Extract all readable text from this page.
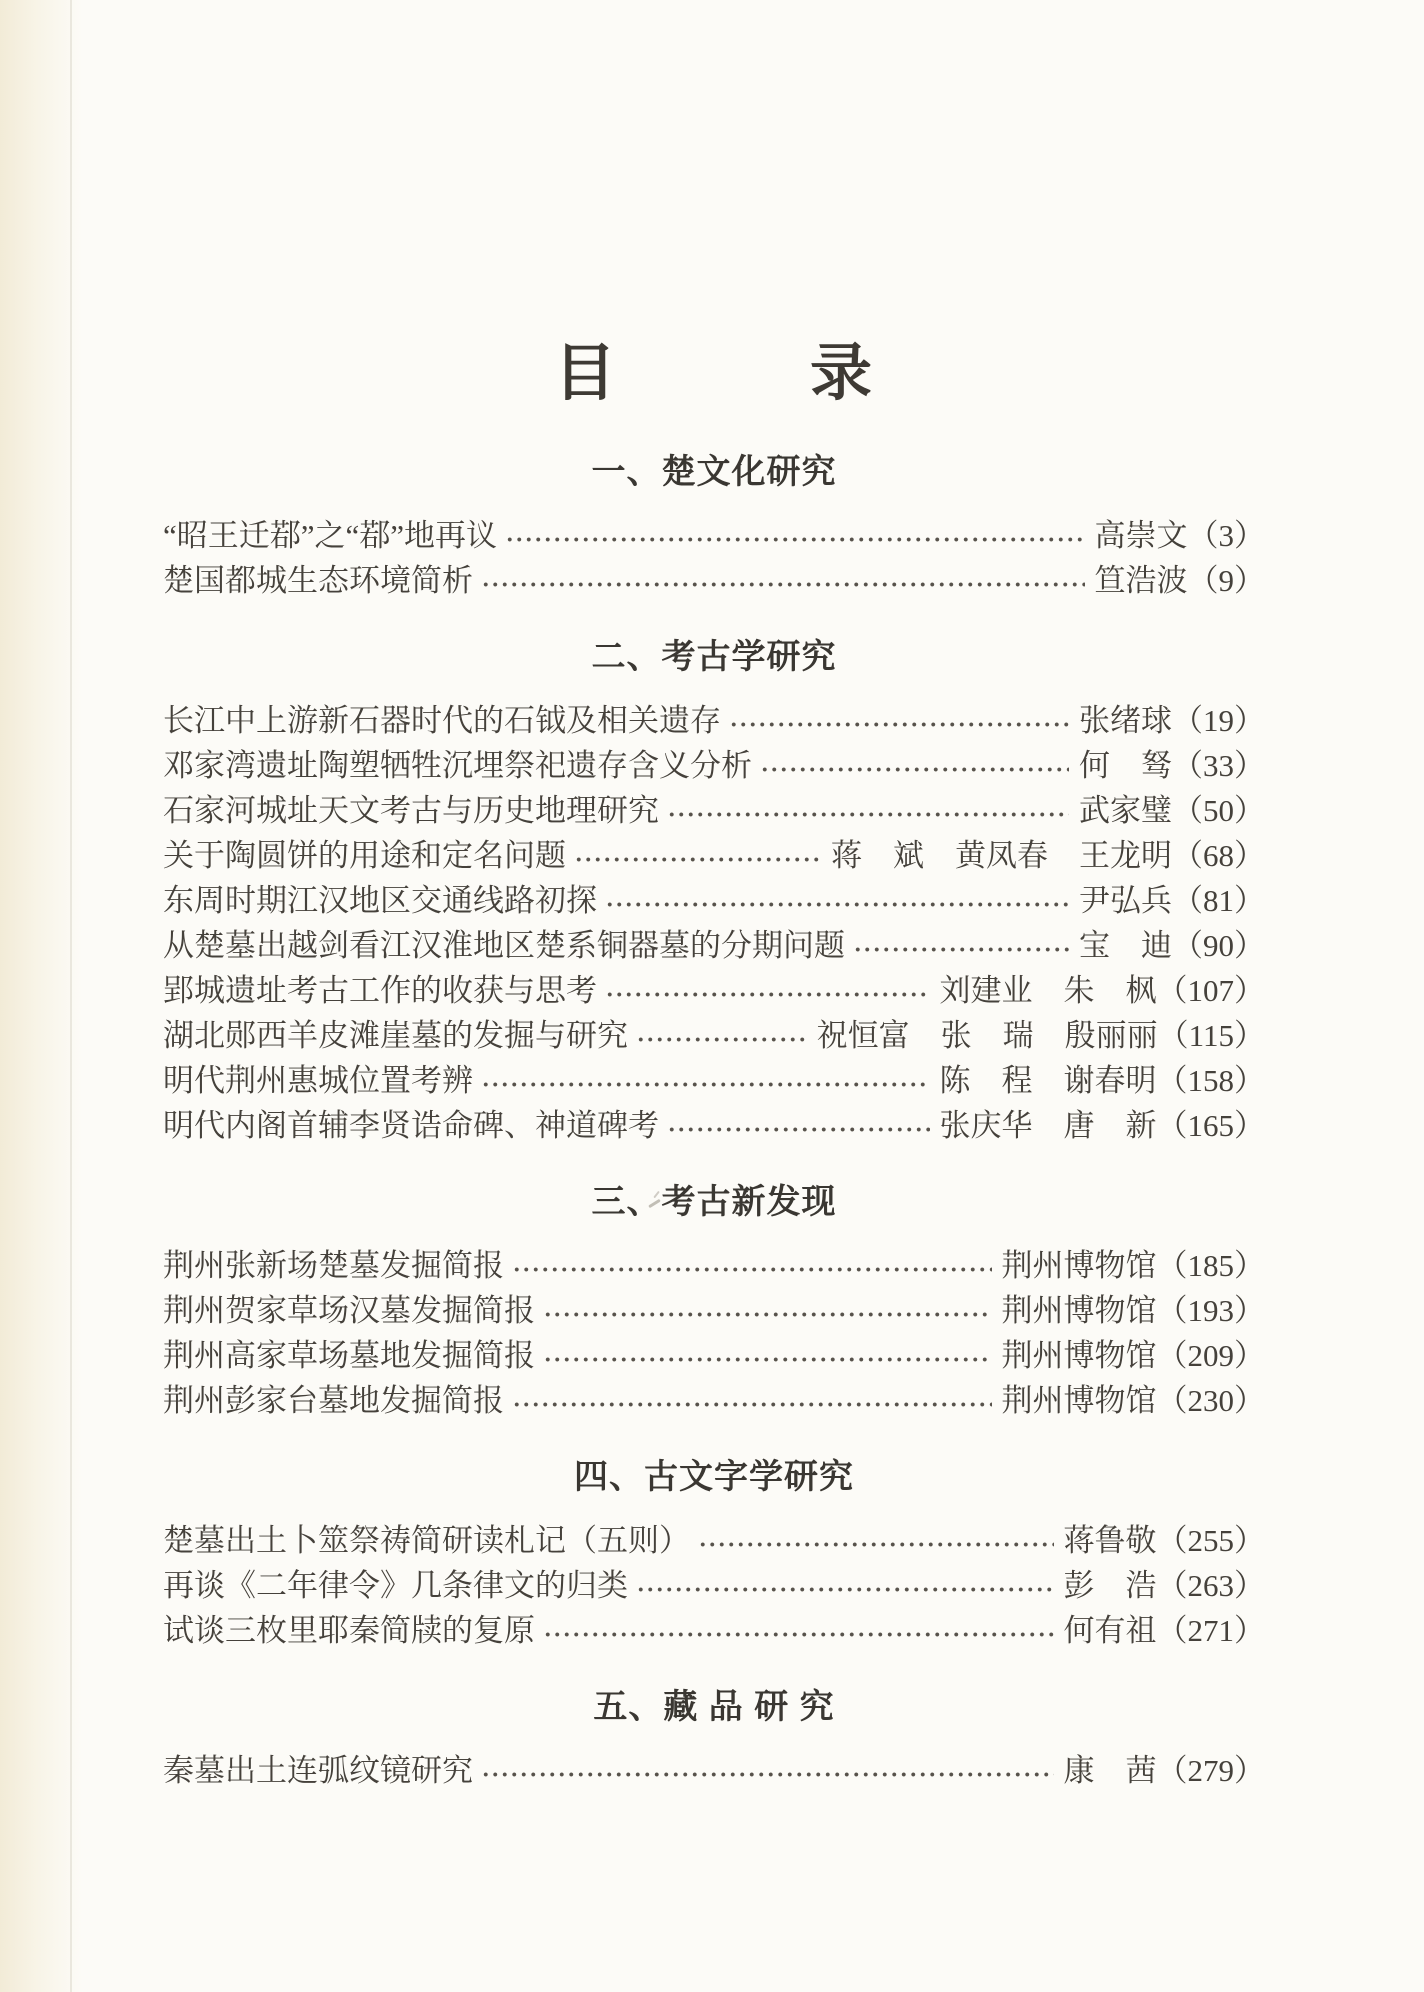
目　　　录
一、楚文化研究
“昭王迁鄀”之“鄀”地再议	高崇文 （3）
楚国都城生态环境简析	笪浩波 （9）
二、考古学研究
长江中上游新石器时代的石钺及相关遗存	张绪球 （19）
邓家湾遗址陶塑牺牲沉埋祭祀遗存含义分析	何　驽 （33）
石家河城址天文考古与历史地理研究	武家璧 （50）
关于陶圆饼的用途和定名问题	蒋　斌　黄凤春　王龙明 （68）
东周时期江汉地区交通线路初探	尹弘兵 （81）
从楚墓出越剑看江汉淮地区楚系铜器墓的分期问题	宝　迪 （90）
郢城遗址考古工作的收获与思考	刘建业　朱　枫 （107）
湖北郧西羊皮滩崖墓的发掘与研究	祝恒富　张　瑞　殷丽丽 （115）
明代荆州惠城位置考辨	陈　程　谢春明 （158）
明代内阁首辅李贤诰命碑、神道碑考	张庆华　唐　新 （165）
三、考古新发现
荆州张新场楚墓发掘简报	荆州博物馆 （185）
荆州贺家草场汉墓发掘简报	荆州博物馆 （193）
荆州高家草场墓地发掘简报	荆州博物馆 （209）
荆州彭家台墓地发掘简报	荆州博物馆 （230）
四、古文字学研究
楚墓出土卜筮祭祷简研读札记（五则）	蒋鲁敬 （255）
再谈《二年律令》几条律文的归类	彭　浩 （263）
试谈三枚里耶秦简牍的复原	何有祖 （271）
五、藏 品 研 究
秦墓出土连弧纹镜研究	康　茜 （279）
